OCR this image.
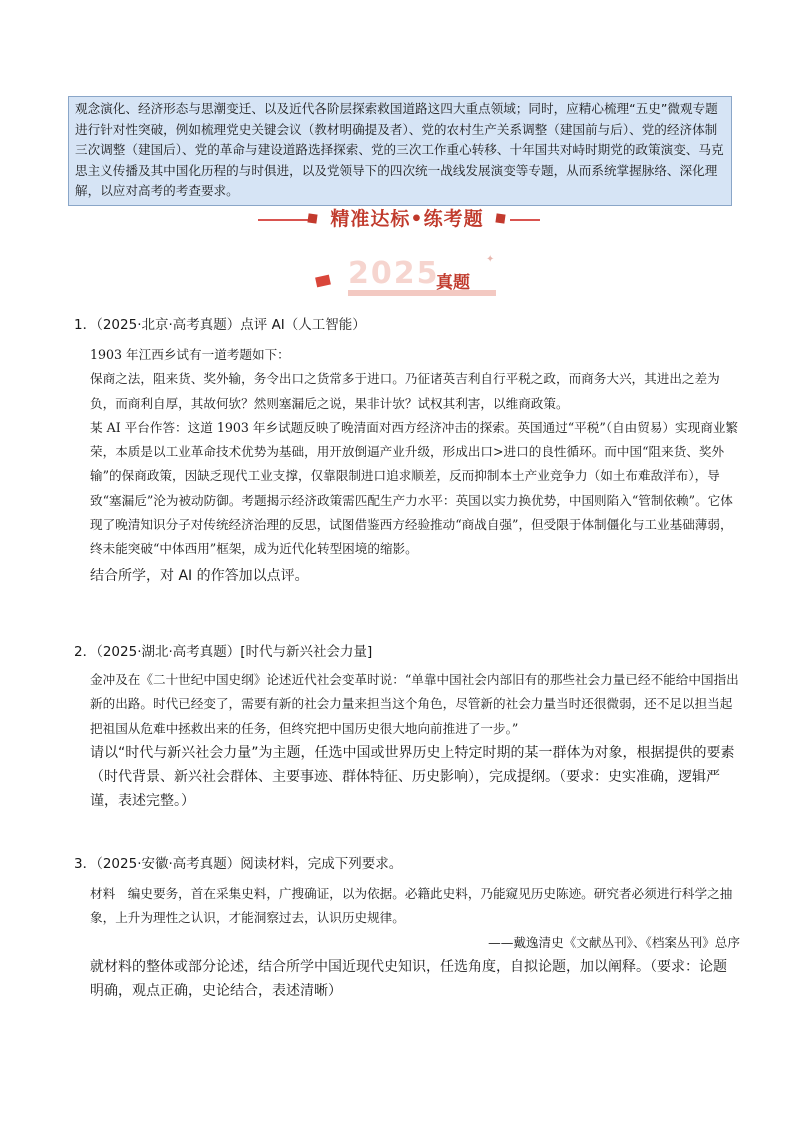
观念演化、经济形态与思潮变迁、以及近代各阶层探索救国道路这四大重点领域；同时，应精心梳理“五史”微观专题进行针对性突破，例如梳理党史关键会议（教材明确提及者）、党的农村生产关系调整（建国前与后）、党的经济体制三次调整（建国后）、党的革命与建设道路选择探索、党的三次工作重心转移、十年国共对峙时期党的政策演变、马克思主义传播及其中国化历程的与时俱进，以及党领导下的四次统一战线发展演变等专题，从而系统掌握脉络、深化理解，以应对高考的考查要求。
精准达标•练考题
2025
真题
✦
1．（2025·北京·高考真题）点评 AI（人工智能）
1903 年江西乡试有一道考题如下：
保商之法，阻来货、奖外输，务令出口之货常多于进口。乃征诸英吉利自行平税之政，而商务大兴，其进出之差为负，而商利自厚，其故何欤？然则塞漏卮之说，果非计欤？试权其利害，以维商政策。
某 AI 平台作答：这道 1903 年乡试题反映了晚清面对西方经济冲击的探索。英国通过“平税”（自由贸易）实现商业繁荣，本质是以工业革命技术优势为基础，用开放倒逼产业升级，形成出口>进口的良性循环。而中国“阻来货、奖外输”的保商政策，因缺乏现代工业支撑，仅靠限制进口追求顺差，反而抑制本土产业竞争力（如土布难敌洋布），导致“塞漏卮”沦为被动防御。考题揭示经济政策需匹配生产力水平：英国以实力换优势，中国则陷入“管制依赖”。它体现了晚清知识分子对传统经济治理的反思，试图借鉴西方经验推动“商战自强”，但受限于体制僵化与工业基础薄弱，终未能突破“中体西用”框架，成为近代化转型困境的缩影。
结合所学，对 AI 的作答加以点评。
2．（2025·湖北·高考真题）[时代与新兴社会力量]
金冲及在《二十世纪中国史纲》论述近代社会变革时说：“单靠中国社会内部旧有的那些社会力量已经不能给中国指出新的出路。时代已经变了，需要有新的社会力量来担当这个角色，尽管新的社会力量当时还很微弱，还不足以担当起把祖国从危难中拯救出来的任务，但终究把中国历史很大地向前推进了一步。”
请以“时代与新兴社会力量”为主题，任选中国或世界历史上特定时期的某一群体为对象，根据提供的要素（时代背景、新兴社会群体、主要事迹、群体特征、历史影响），完成提纲。（要求：史实准确，逻辑严谨，表述完整。）
3．（2025·安徽·高考真题）阅读材料，完成下列要求。
材料　编史要务，首在采集史料，广搜确证，以为依据。必籍此史料，乃能窥见历史陈迹。研究者必须进行科学之抽象，上升为理性之认识，才能洞察过去，认识历史规律。
——戴逸清史《文献丛刊》、《档案丛刊》总序
就材料的整体或部分论述，结合所学中国近现代史知识，任选角度，自拟论题，加以阐释。（要求：论题明确，观点正确，史论结合，表述清晰）
